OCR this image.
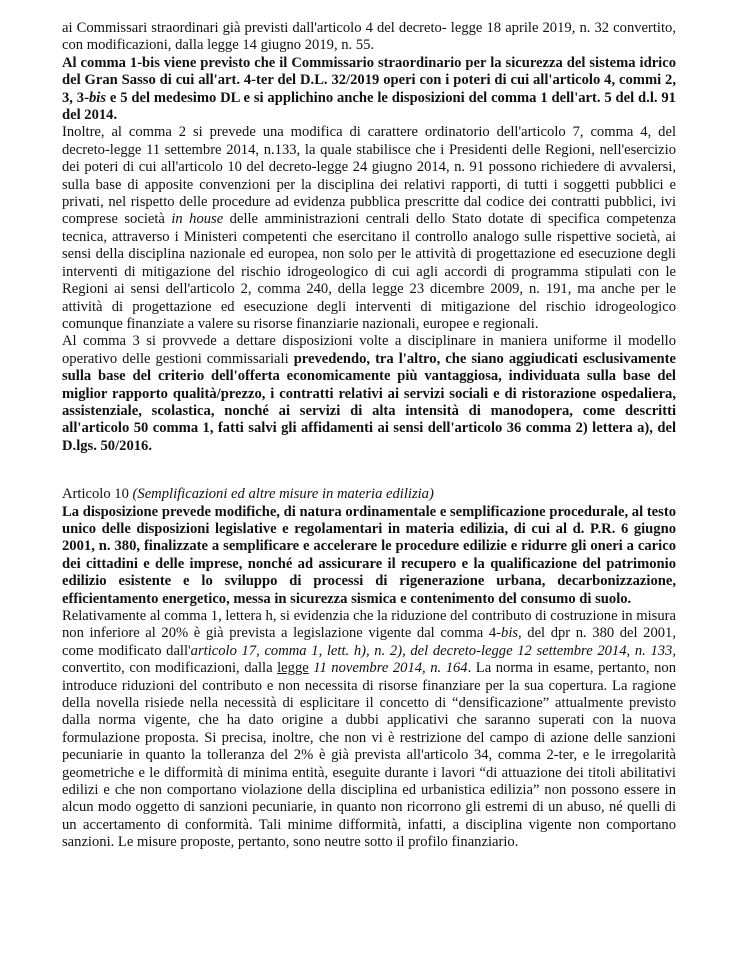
ai Commissari straordinari già previsti dall'articolo 4 del decreto- legge 18 aprile 2019, n. 32 convertito, con modificazioni, dalla legge 14 giugno 2019, n. 55.

Al comma 1-bis viene previsto che il Commissario straordinario per la sicurezza del sistema idrico del Gran Sasso di cui all'art. 4-ter del D.L. 32/2019 operi con i poteri di cui all'articolo 4, commi 2, 3, 3-bis e 5 del medesimo DL e si applichino anche le disposizioni del comma 1 dell'art. 5 del d.l. 91 del 2014.

Inoltre, al comma 2 si prevede una modifica di carattere ordinatorio dell'articolo 7, comma 4, del decreto-legge 11 settembre 2014, n.133, la quale stabilisce che i Presidenti delle Regioni, nell'esercizio dei poteri di cui all'articolo 10 del decreto-legge 24 giugno 2014, n. 91 possono richiedere di avvalersi, sulla base di apposite convenzioni per la disciplina dei relativi rapporti, di tutti i soggetti pubblici e privati, nel rispetto delle procedure ad evidenza pubblica prescritte dal codice dei contratti pubblici, ivi comprese società in house delle amministrazioni centrali dello Stato dotate di specifica competenza tecnica, attraverso i Ministeri competenti che esercitano il controllo analogo sulle rispettive società, ai sensi della disciplina nazionale ed europea, non solo per le attività di progettazione ed esecuzione degli interventi di mitigazione del rischio idrogeologico di cui agli accordi di programma stipulati con le Regioni ai sensi dell'articolo 2, comma 240, della legge 23 dicembre 2009, n. 191, ma anche per le attività di progettazione ed esecuzione degli interventi di mitigazione del rischio idrogeologico comunque finanziate a valere su risorse finanziarie nazionali, europee e regionali.

Al comma 3 si provvede a dettare disposizioni volte a disciplinare in maniera uniforme il modello operativo delle gestioni commissariali prevedendo, tra l'altro, che siano aggiudicati esclusivamente sulla base del criterio dell'offerta economicamente più vantaggiosa, individuata sulla base del miglior rapporto qualità/prezzo, i contratti relativi ai servizi sociali e di ristorazione ospedaliera, assistenziale, scolastica, nonché ai servizi di alta intensità di manodopera, come descritti all'articolo 50 comma 1, fatti salvi gli affidamenti ai sensi dell'articolo 36 comma 2) lettera a), del D.lgs. 50/2016.

Articolo 10 (Semplificazioni ed altre misure in materia edilizia)

La disposizione prevede modifiche, di natura ordinamentale e semplificazione procedurale, al testo unico delle disposizioni legislative e regolamentari in materia edilizia, di cui al d. P.R. 6 giugno 2001, n. 380, finalizzate a semplificare e accelerare le procedure edilizie e ridurre gli oneri a carico dei cittadini e delle imprese, nonché ad assicurare il recupero e la qualificazione del patrimonio edilizio esistente e lo sviluppo di processi di rigenerazione urbana, decarbonizzazione, efficientamento energetico, messa in sicurezza sismica e contenimento del consumo di suolo.

Relativamente al comma 1, lettera h, si evidenzia che la riduzione del contributo di costruzione in misura non inferiore al 20% è già prevista a legislazione vigente dal comma 4-bis, del dpr n. 380 del 2001, come modificato dall'articolo 17, comma 1, lett. h), n. 2), del decreto-legge 12 settembre 2014, n. 133, convertito, con modificazioni, dalla legge 11 novembre 2014, n. 164. La norma in esame, pertanto, non introduce riduzioni del contributo e non necessita di risorse finanziare per la sua copertura. La ragione della novella risiede nella necessità di esplicitare il concetto di “densificazione” attualmente previsto dalla norma vigente, che ha dato origine a dubbi applicativi che saranno superati con la nuova formulazione proposta. Si precisa, inoltre, che non vi è restrizione del campo di azione delle sanzioni pecuniarie in quanto la tolleranza del 2% è già prevista all'articolo 34, comma 2-ter, e le irregolarità geometriche e le difformità di minima entità, eseguite durante i lavori “di attuazione dei titoli abilitativi edilizi e che non comportano violazione della disciplina ed urbanistica edilizia” non possono essere in alcun modo oggetto di sanzioni pecuniarie, in quanto non ricorrono gli estremi di un abuso, né quelli di un accertamento di conformità. Tali minime difformità, infatti, a disciplina vigente non comportano sanzioni. Le misure proposte, pertanto, sono neutre sotto il profilo finanziario.
